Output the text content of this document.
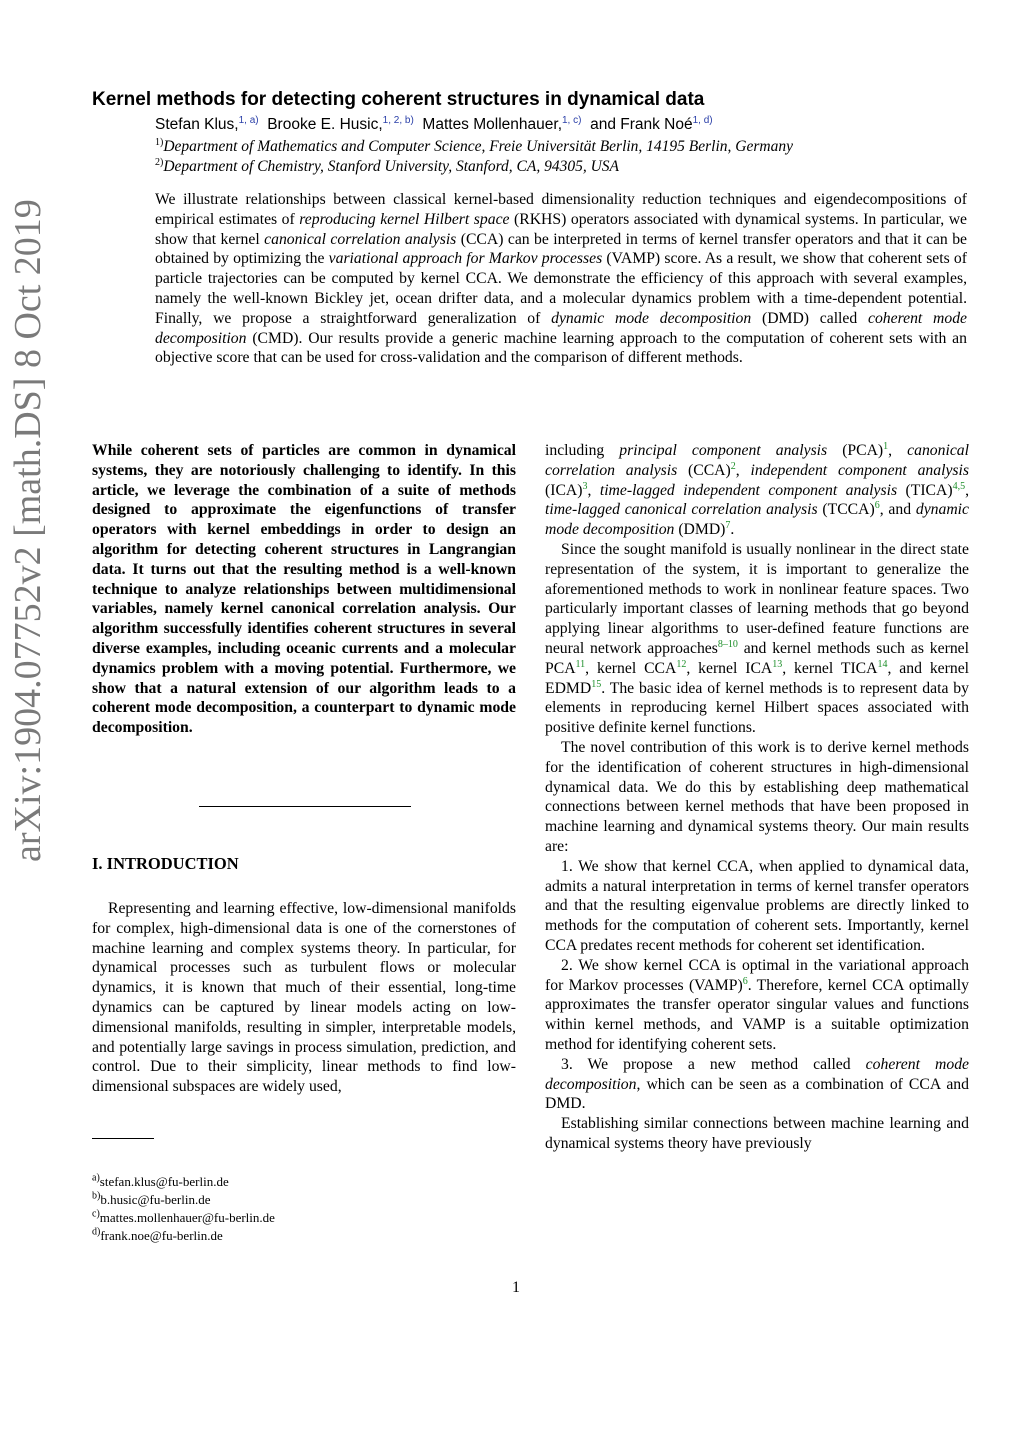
arXiv:1904.07752v2 [math.DS] 8 Oct 2019
Kernel methods for detecting coherent structures in dynamical data
Stefan Klus,$^{1, a)}$ Brooke E. Husic,$^{1, 2, b)}$ Mattes Mollenhauer,$^{1, c)}$ and Frank Noé$^{1, d)}$
$^{1)}$Department of Mathematics and Computer Science, Freie Universität Berlin, 14195 Berlin, Germany
$^{2)}$Department of Chemistry, Stanford University, Stanford, CA, 94305, USA
We illustrate relationships between classical kernel-based dimensionality reduction techniques and eigendecompositions of empirical estimates of reproducing kernel Hilbert space (RKHS) operators associated with dynamical systems. In particular, we show that kernel canonical correlation analysis (CCA) can be interpreted in terms of kernel transfer operators and that it can be obtained by optimizing the variational approach for Markov processes (VAMP) score. As a result, we show that coherent sets of particle trajectories can be computed by kernel CCA. We demonstrate the efficiency of this approach with several examples, namely the well-known Bickley jet, ocean drifter data, and a molecular dynamics problem with a time-dependent potential. Finally, we propose a straightforward generalization of dynamic mode decomposition (DMD) called coherent mode decomposition (CMD). Our results provide a generic machine learning approach to the computation of coherent sets with an objective score that can be used for cross-validation and the comparison of different methods.

While coherent sets of particles are common in dynamical systems, they are notoriously challenging to identify. In this article, we leverage the combination of a suite of methods designed to approximate the eigenfunctions of transfer operators with kernel embeddings in order to design an algorithm for detecting coherent structures in Langrangian data. It turns out that the resulting method is a well-known technique to analyze relationships between multidimensional variables, namely kernel canonical correlation analysis. Our algorithm successfully identifies coherent structures in several diverse examples, including oceanic currents and a molecular dynamics problem with a moving potential. Furthermore, we show that a natural extension of our algorithm leads to a coherent mode decomposition, a counterpart to dynamic mode decomposition.

I. INTRODUCTION

Representing and learning effective, low-dimensional manifolds for complex, high-dimensional data is one of the cornerstones of machine learning and complex systems theory. In particular, for dynamical processes such as turbulent flows or molecular dynamics, it is known that much of their essential, long-time dynamics can be captured by linear models acting on low-dimensional manifolds, resulting in simpler, interpretable models, and potentially large savings in process simulation, prediction, and control. Due to their simplicity, linear methods to find low-dimensional subspaces are widely used,

$^{a)}$stefan.klus@fu-berlin.de
$^{b)}$b.husic@fu-berlin.de
$^{c)}$mattes.mollenhauer@fu-berlin.de
$^{d)}$frank.noe@fu-berlin.de

including principal component analysis (PCA)$^1$, canonical correlation analysis (CCA)$^2$, independent component analysis (ICA)$^3$, time-lagged independent component analysis (TICA)$^{4,5}$, time-lagged canonical correlation analysis (TCCA)$^6$, and dynamic mode decomposition (DMD)$^7$.

Since the sought manifold is usually nonlinear in the direct state representation of the system, it is important to generalize the aforementioned methods to work in nonlinear feature spaces. Two particularly important classes of learning methods that go beyond applying linear algorithms to user-defined feature functions are neural network approaches$^{8-10}$ and kernel methods such as kernel PCA$^{11}$, kernel CCA$^{12}$, kernel ICA$^{13}$, kernel TICA$^{14}$, and kernel EDMD$^{15}$. The basic idea of kernel methods is to represent data by elements in reproducing kernel Hilbert spaces associated with positive definite kernel functions.

The novel contribution of this work is to derive kernel methods for the identification of coherent structures in high-dimensional dynamical data. We do this by establishing deep mathematical connections between kernel methods that have been proposed in machine learning and dynamical systems theory. Our main results are:

1. We show that kernel CCA, when applied to dynamical data, admits a natural interpretation in terms of kernel transfer operators and that the resulting eigenvalue problems are directly linked to methods for the computation of coherent sets. Importantly, kernel CCA predates recent methods for coherent set identification.

2. We show kernel CCA is optimal in the variational approach for Markov processes (VAMP)$^6$. Therefore, kernel CCA optimally approximates the transfer operator singular values and functions within kernel methods, and VAMP is a suitable optimization method for identifying coherent sets.

3. We propose a new method called coherent mode decomposition, which can be seen as a combination of CCA and DMD.

Establishing similar connections between machine learning and dynamical systems theory have previously

1
